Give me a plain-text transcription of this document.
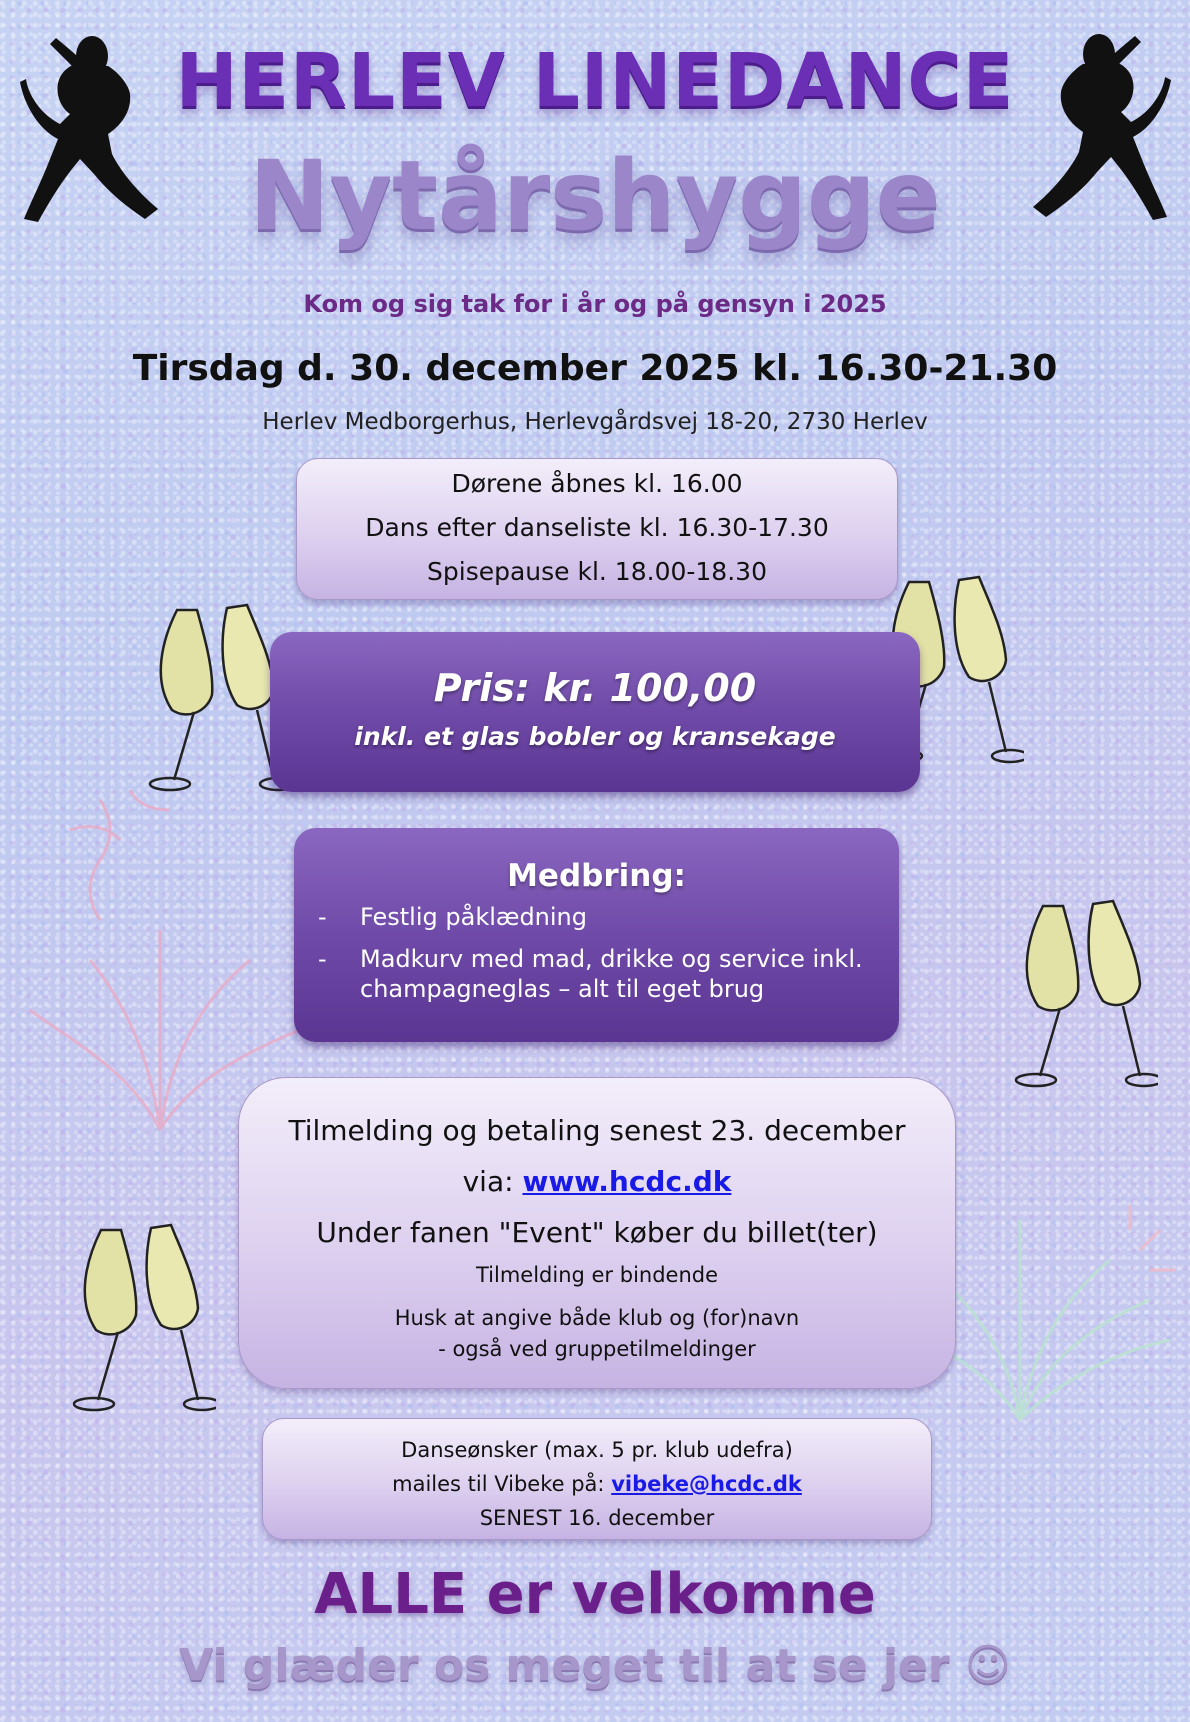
HERLEV LINEDANCE
Nytårshygge
Kom og sig tak for i år og på gensyn i 2025
Tirsdag d. 30. december 2025 kl. 16.30-21.30
Herlev Medborgerhus, Herlevgårdsvej 18-20, 2730 Herlev
Dørene åbnes kl. 16.00
Dans efter danseliste kl. 16.30-17.30
Spisepause kl. 18.00-18.30
Pris: kr. 100,00
inkl. et glas bobler og kransekage
Medbring:
- Festlig påklædning
- Madkurv med mad, drikke og service inkl. champagneglas – alt til eget brug
Tilmelding og betaling senest 23. december
via: www.hcdc.dk
Under fanen "Event" køber du billet(ter)
Tilmelding er bindende
Husk at angive både klub og (for)navn
- også ved gruppetilmeldinger
Danseønsker (max. 5 pr. klub udefra)
mailes til Vibeke på: vibeke@hcdc.dk
SENEST 16. december
ALLE er velkomne
Vi glæder os meget til at se jer ☺
